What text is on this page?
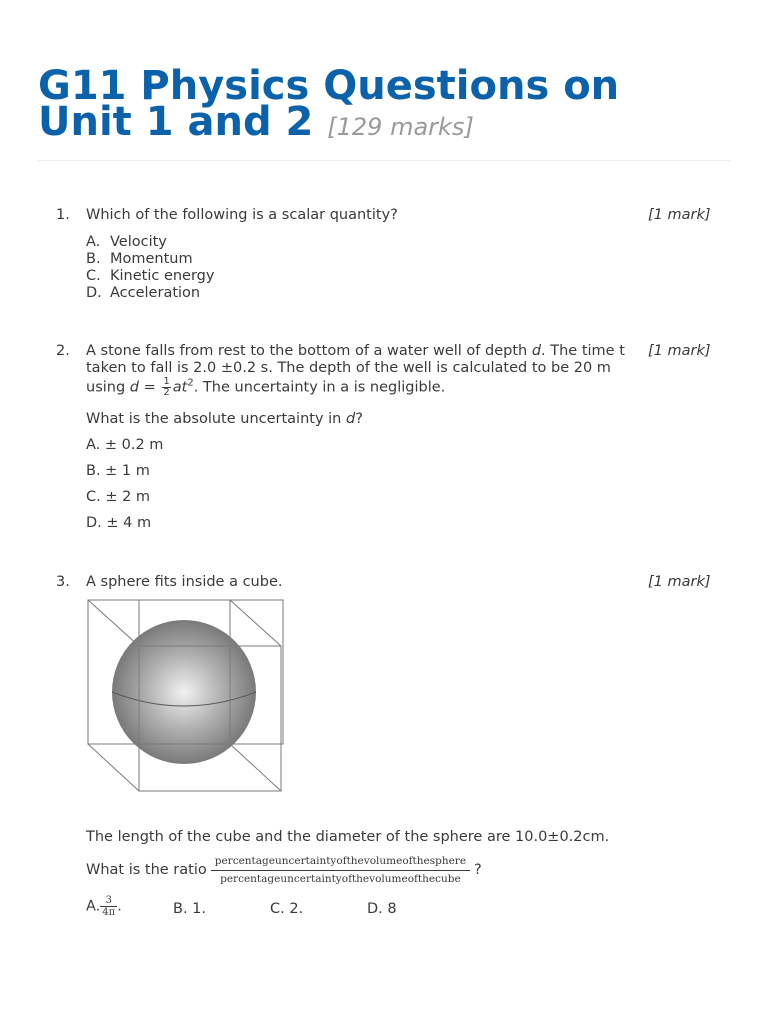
G11 Physics Questions on
Unit 1 and 2 [129 marks]
1. Which of the following is a scalar quantity?	[1 mark]
A. Velocity
B. Momentum
C. Kinetic energy
D. Acceleration
2. A stone falls from rest to the bottom of a water well of depth d. The time t [1 mark]
taken to fall is 2.0 ±0.2 s. The depth of the well is calculated to be 20 m
using $d = \frac{1}{2} at^2$. The uncertainty in a is negligible.
What is the absolute uncertainty in d?
A. ± 0.2 m
B. ± 1 m
C. ± 2 m
D. ± 4 m
3. A sphere fits inside a cube.	[1 mark]
The length of the cube and the diameter of the sphere are 10.0±0.2cm.
What is the ratio
percentageuncertaintyofthevolumeofthesphere
percentageuncertaintyofthevolumeofthecube
?
A. $\frac{3}{4\pi}$ .	B. 1.	C. 2.	D. 8
